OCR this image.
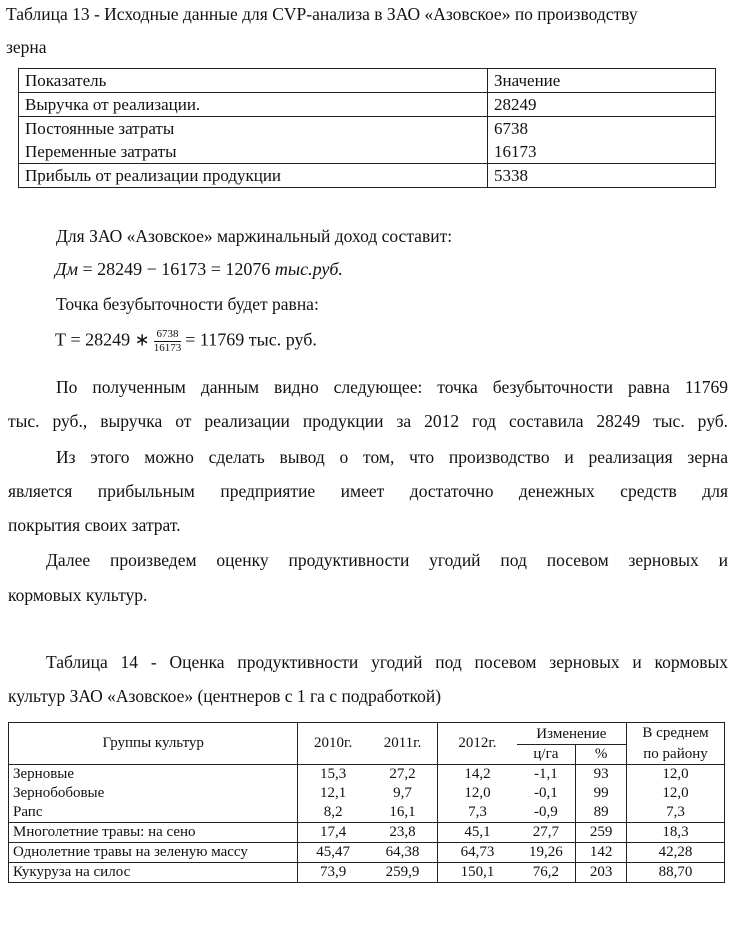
Таблица 13 - Исходные данные для CVP-анализа в ЗАО «Азовское» по производству
зерна
Показатель	Значение
Выручка от реализации.	28249
Постоянные затраты	6738
Переменные затраты	16173
Прибыль от реализации продукции	5338
Для ЗАО «Азовское» маржинальный доход составит:
Дм = 28249 − 16173 = 12076 тыс.руб.
Точка безубыточности будет равна:
Т = 28249 ∗ $\frac{6738}{16173} = 11769$ тыс. руб.
По полученным данным видно следующее: точка безубыточности равна 11769
тыс. руб., выручка от реализации продукции за 2012 год составила 28249 тыс. руб.
Из этого можно сделать вывод о том, что производство и реализация зерна
является прибыльным предприятие имеет достаточно денежных средств для
покрытия своих затрат.
Далее произведем оценку продуктивности угодий под посевом зерновых и
кормовых культур.
Таблица 14 - Оценка продуктивности угодий под посевом зерновых и кормовых
культур ЗАО «Азовское» (центнеров с 1 га с подработкой)
Группы культур	2010г.	2011г.	2012г.	Изменение		В среднем
				ц/га	%	по району
Зерновые	15,3	27,2	14,2	-1,1	93	12,0
Зернобобовые	12,1	9,7	12,0	-0,1	99	12,0
Рапс	8,2	16,1	7,3	-0,9	89	7,3
Многолетние травы: на сено	17,4	23,8	45,1	27,7	259	18,3
Однолетние травы на зеленую массу	45,47	64,38	64,73	19,26	142	42,28
Кукуруза на силос	73,9	259,9	150,1	76,2	203	88,70
